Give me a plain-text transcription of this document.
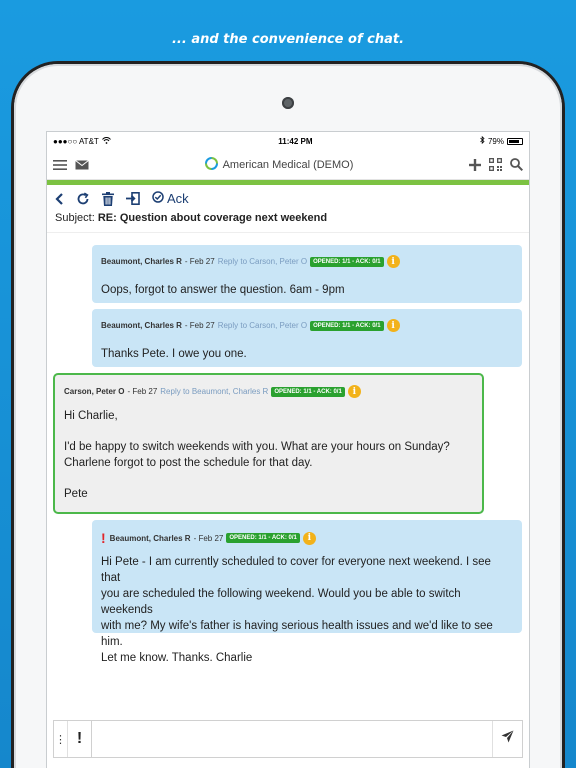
... and the convenience of chat.
●●●○○ AT&T	11:42 PM	79%
American Medical (DEMO)
Ack
Subject: RE: Question about coverage next weekend
Beaumont, Charles R - Feb 27 Reply to Carson, Peter O	OPENED: 1/1 - ACK: 0/1	i

Oops, forgot to answer the question. 6am - 9pm

Beaumont, Charles R - Feb 27 Reply to Carson, Peter O	OPENED: 1/1 - ACK: 0/1	i

Thanks Pete. I owe you one.

Carson, Peter O - Feb 27 Reply to Beaumont, Charles R	OPENED: 1/1 - ACK: 0/1	i

Hi Charlie,

I'd be happy to switch weekends with you. What are your hours on Sunday?

Charlene forgot to post the schedule for that day.

Pete

! Beaumont, Charles R - Feb 27	OPENED: 1/1 - ACK: 0/1	i

Hi Pete - I am currently scheduled to cover for everyone next weekend. I see that

you are scheduled the following weekend. Would you be able to switch weekends

with me? My wife's father is having serious health issues and we'd like to see him.

Let me know. Thanks. Charlie

⋮ !
